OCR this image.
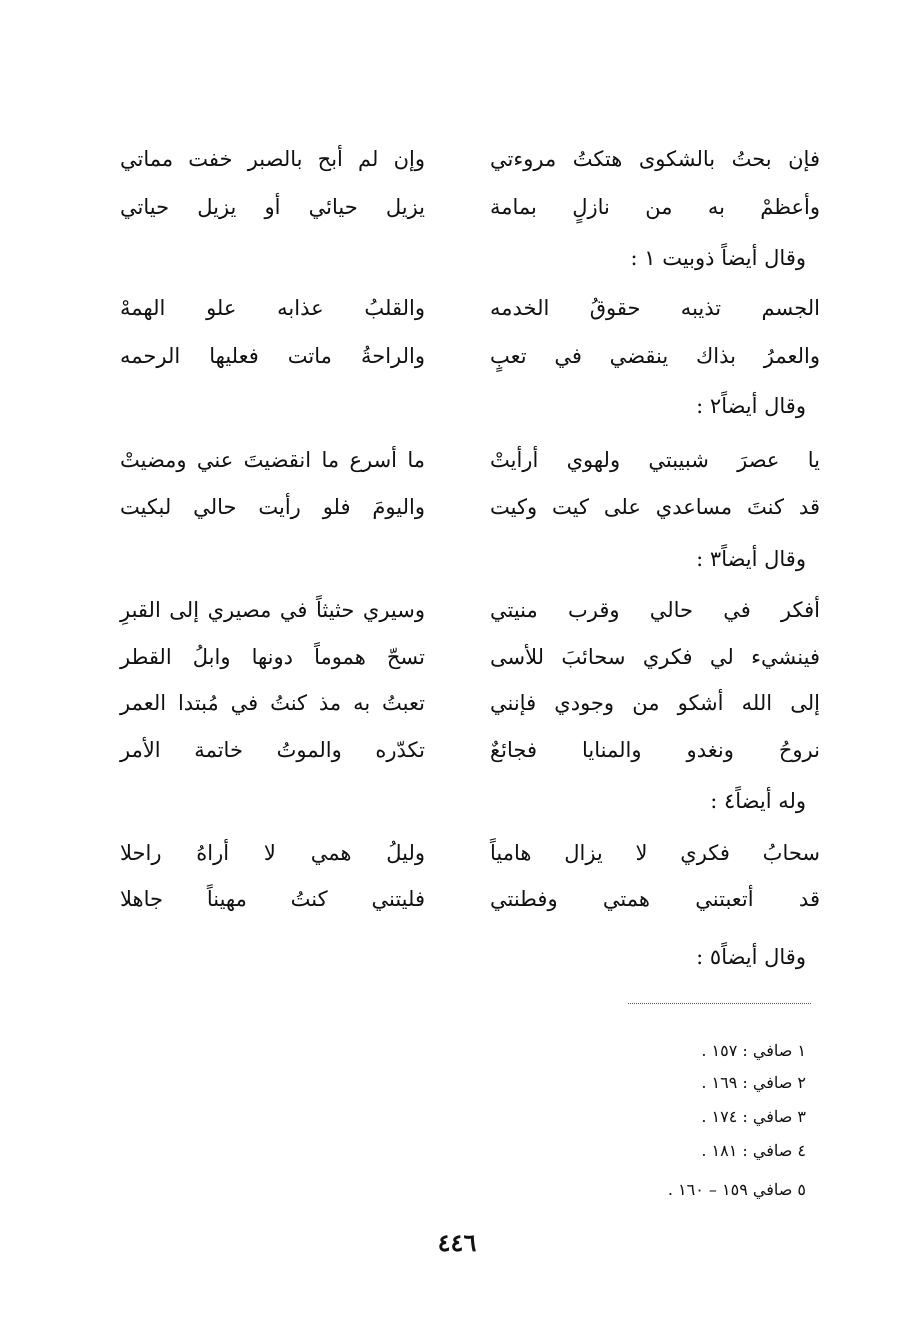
فإن بحتُ بالشكوى هتكتُ مروءتي
وإن لم أبح بالصبر خفت مماتي
وأعظمْ به من نازلٍ بمامة
يزيل حيائي أو يزيل حياتي
وقال أيضاً ذوبيت ١ :
الجسم تذيبه حقوقُ الخدمه
والقلبُ عذابه علو الهمهْ
والعمرُ بذاك ينقضي في تعبٍ
والراحةُ ماتت فعليها الرحمه
وقال أيضاً٢ :
يا عصرَ شبيبتي ولهوي أرأيتْ
ما أسرع ما انقضيتَ عني ومضيتْ
قد كنتَ مساعدي على كيت وكيت
واليومَ فلو رأيت حالي لبكيت
وقال أيضاً٣ :
أفكر في حالي وقرب منيتي
وسيري حثيثاً في مصيري إلى القبرِ
فينشيء لي فكري سحائبَ للأسى
تسحّ هموماً دونها وابلُ القطر
إلى الله أشكو من وجودي فإنني
تعبتُ به مذ كنتُ في مُبتدا العمر
نروحُ ونغدو والمنايا فجائعٌ
تكدّره والموتُ خاتمة الأمر
وله أيضاً٤ :
سحابُ فكري لا يزال هامياً
وليلُ همي لا أراهُ راحلا
قد أتعبتني همتي وفطنتي
فليتني كنتُ مهيناً جاهلا
وقال أيضاً٥ :
١ صافي : ١٥٧ .
٢ صافي : ١٦٩ .
٣ صافي : ١٧٤ .
٤ صافي : ١٨١ .
٥ صافي ١٥٩ – ١٦٠ .
٤٤٦
